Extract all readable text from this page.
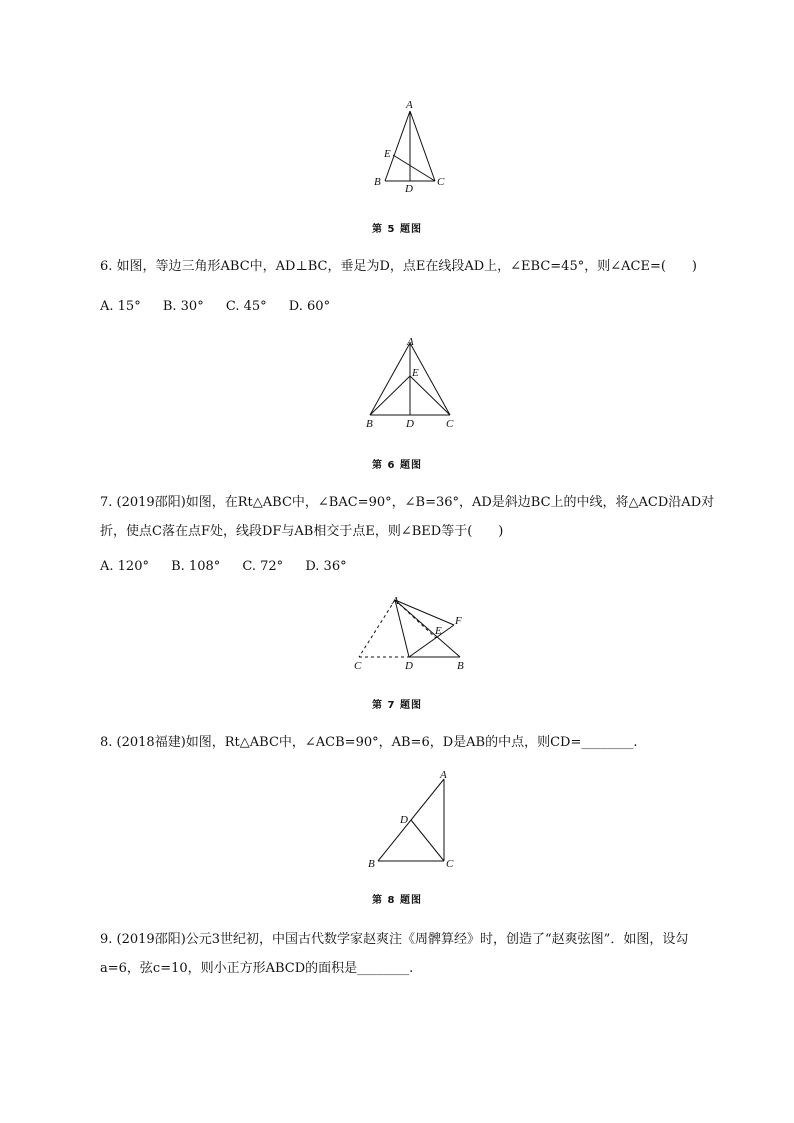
A
E
B
D
C
第 5 题图
6. 如图，等边三角形ABC中，AD⊥BC，垂足为D，点E在线段AD上，∠EBC=45°，则∠ACE=(　　)
A. 15° B. 30° C. 45° D. 60°
A
E
B	D	C
第 6 题图
7. (2019邵阳)如图，在Rt△ABC中，∠BAC=90°，∠B=36°，AD是斜边BC上的中线，将△ACD沿AD对折，使点C落在点F处，线段DF与AB相交于点E，则∠BED等于(　　)
A. 120° B. 108° C. 72° D. 36°
A
F
E
C	D	B
第 7 题图
8. (2018福建)如图，Rt△ABC中，∠ACB=90°，AB=6，D是AB的中点，则CD=________.
A
D
B	C
第 8 题图
9. (2019邵阳)公元3世纪初，中国古代数学家赵爽注《周髀算经》时，创造了“赵爽弦图”．如图，设勾a=6，弦c=10，则小正方形ABCD的面积是________.
